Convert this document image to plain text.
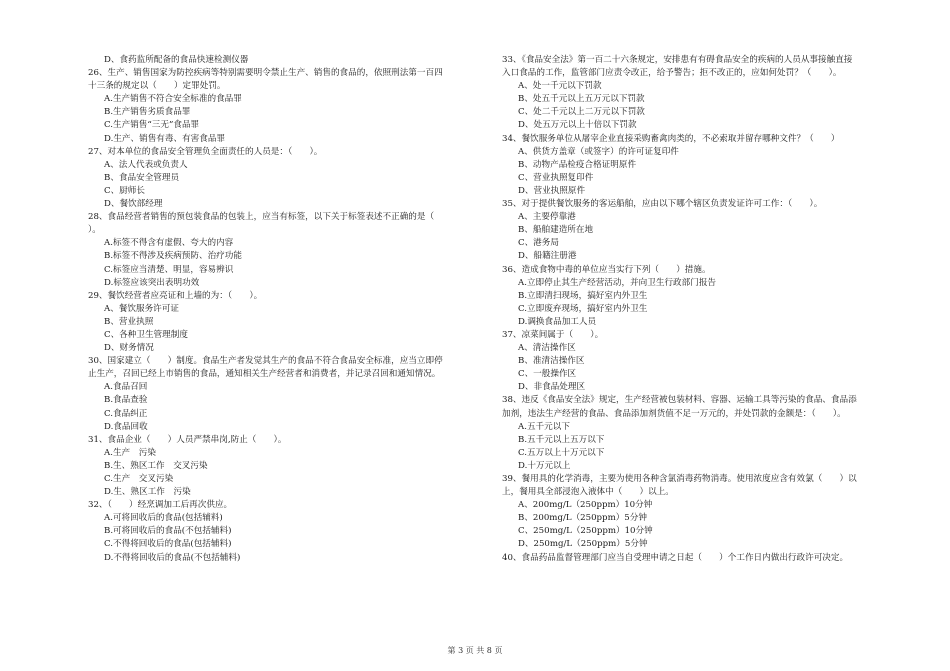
D、食药监所配备的食品快速检测仪器
26、生产、销售国家为防控疾病等特别需要明令禁止生产、销售的食品的，依照刑法第一百四
十三条的规定以（　　）定罪处罚。
A.生产销售不符合安全标准的食品罪
B.生产销售劣质食品罪
C.生产销售“三无”食品罪
D.生产、销售有毒、有害食品罪
27、对本单位的食品安全管理负全面责任的人员是：（　　）。
A、法人代表或负责人
B、食品安全管理员
C、厨师长
D、餐饮部经理
28、食品经营者销售的预包装食品的包装上，应当有标签，以下关于标签表述不正确的是（
）。
A.标签不得含有虚假、夸大的内容
B.标签不得涉及疾病预防、治疗功能
C.标签应当清楚、明显，容易辨识
D.标签应该突出表明功效
29、餐饮经营者应亮证和上墙的为：（　　）。
A、餐饮服务许可证
B、营业执照
C、各种卫生管理制度
D、财务情况
30、国家建立（　　）制度。食品生产者发觉其生产的食品不符合食品安全标准，应当立即停
止生产，召回已经上市销售的食品，通知相关生产经营者和消费者，并记录召回和通知情况。
A.食品召回
B.食品查验
C.食品纠正
D.食品回收
31、食品企业（　　）人员严禁串岗,防止（　　）。
A.生产　污染
B.生、熟区工作　交叉污染
C.生产　交叉污染
D.生、熟区工作　污染
32、（　　）经烹调加工后再次供应。
A.可将回收后的食品(包括辅料)
B.可将回收后的食品(不包括辅料)
C.不得将回收后的食品(包括辅料)
D.不得将回收后的食品(不包括辅料)
33、《食品安全法》第一百二十六条规定，安排患有有碍食品安全的疾病的人员从事接触直接
入口食品的工作，监管部门应责令改正，给予警告；拒不改正的，应如何处罚？（　　）。
A、处一千元以下罚款
B、处五千元以上五万元以下罚款
C、处二千元以上二万元以下罚款
D、处五万元以上十倍以下罚款
34、餐饮服务单位从屠宰企业直接采购畜禽肉类的，不必索取并留存哪种文件？（　　）
A、供货方盖章（或签字）的许可证复印件
B、动物产品检疫合格证明原件
C、营业执照复印件
D、营业执照原件
35、对于提供餐饮服务的客运船舶，应由以下哪个辖区负责发证许可工作：（　　）。
A、主要停靠港
B、船舶建造所在地
C、港务局
D、船籍注册港
36、造成食物中毒的单位应当实行下列（　　）措施。
A.立即停止其生产经营活动，并向卫生行政部门报告
B.立即清扫现场，搞好室内外卫生
C.立即废弃现场，搞好室内外卫生
D.调换食品加工人员
37、凉菜间属于（　　）。
A、清洁操作区
B、准清洁操作区
C、一般操作区
D、非食品处理区
38、违反《食品安全法》规定，生产经营被包装材料、容器、运输工具等污染的食品、食品添
加剂，违法生产经营的食品、食品添加剂货值不足一万元的，并处罚款的金额是：（　　）。
A.五千元以下
B.五千元以上五万以下
C.五万以上十万元以下
D.十万元以上
39、餐用具的化学消毒，主要为使用各种含氯消毒药物消毒。使用浓度应含有效氯（　　）以
上，餐用具全部浸泡入液体中（　　）以上。
A、200mg/L（250ppm）10分钟
B、200mg/L（250ppm）5分钟
C、250mg/L（250ppm）10分钟
D、250mg/L（250ppm）5分钟
40、食品药品监督管理部门应当自受理申请之日起（　　）个工作日内做出行政许可决定。
第 3 页 共 8 页
